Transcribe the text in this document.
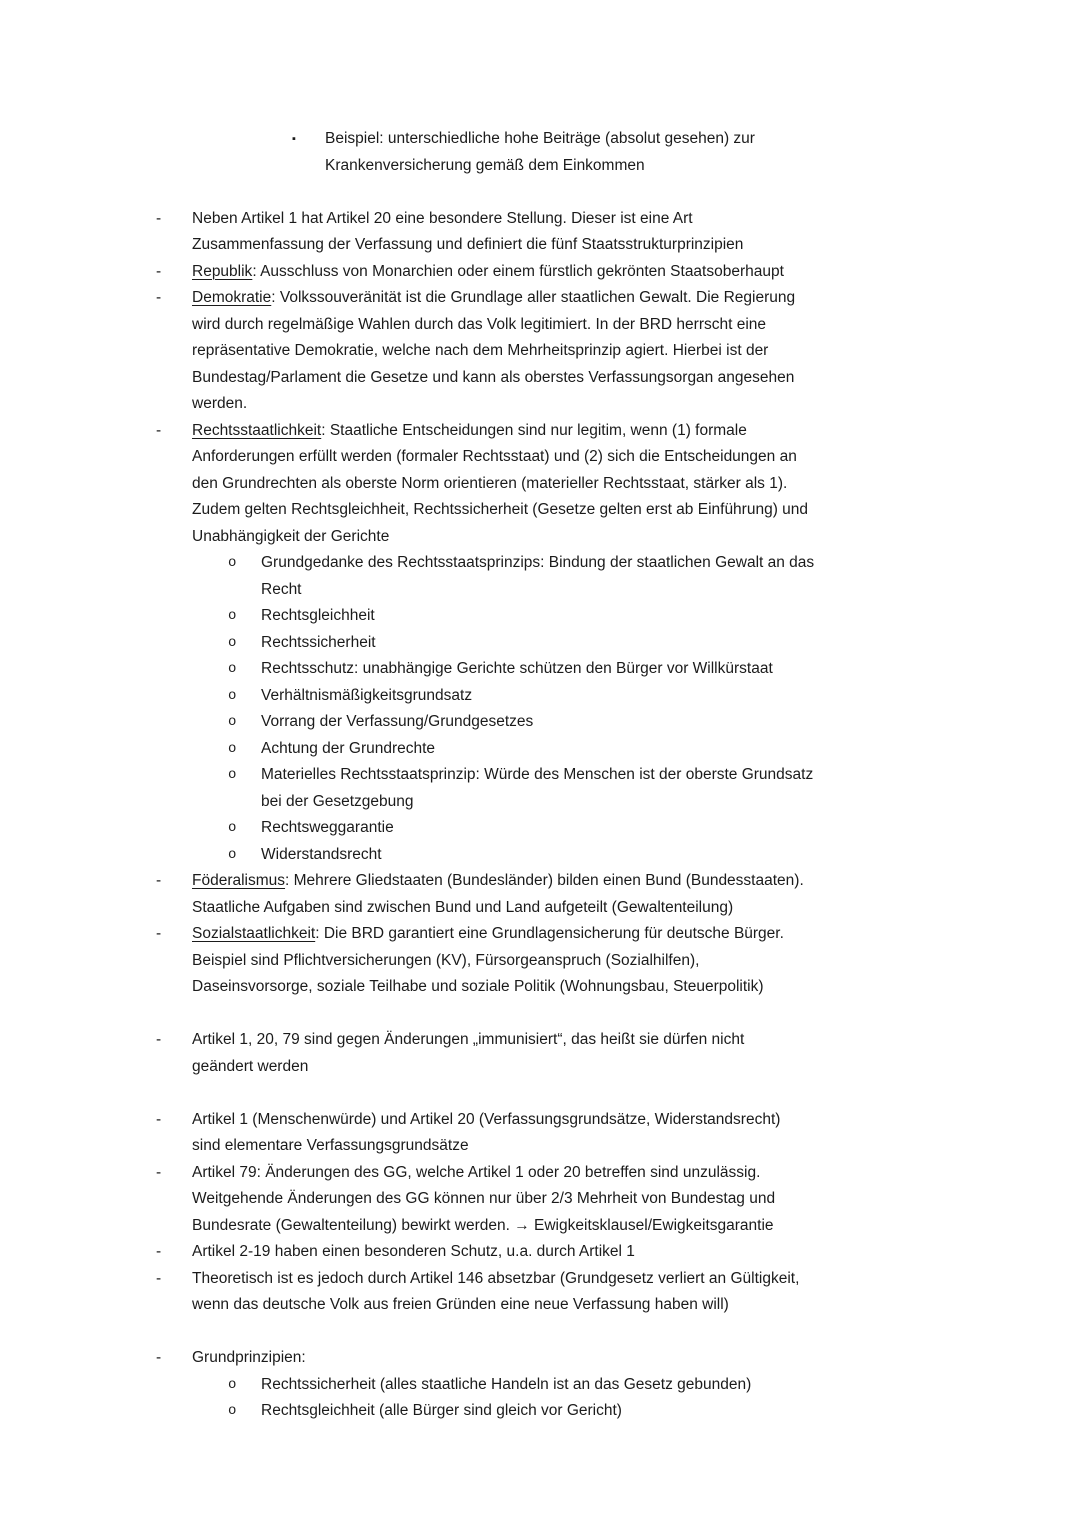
▪ Beispiel: unterschiedliche hohe Beiträge (absolut gesehen) zur
Krankenversicherung gemäß dem Einkommen
- Neben Artikel 1 hat Artikel 20 eine besondere Stellung. Dieser ist eine Art
Zusammenfassung der Verfassung und definiert die fünf Staatsstrukturprinzipien
- Republik: Ausschluss von Monarchien oder einem fürstlich gekrönten Staatsoberhaupt
- Demokratie: Volkssouveränität ist die Grundlage aller staatlichen Gewalt. Die Regierung
wird durch regelmäßige Wahlen durch das Volk legitimiert. In der BRD herrscht eine
repräsentative Demokratie, welche nach dem Mehrheitsprinzip agiert. Hierbei ist der
Bundestag/Parlament die Gesetze und kann als oberstes Verfassungsorgan angesehen
werden.
- Rechtsstaatlichkeit: Staatliche Entscheidungen sind nur legitim, wenn (1) formale
Anforderungen erfüllt werden (formaler Rechtsstaat) und (2) sich die Entscheidungen an
den Grundrechten als oberste Norm orientieren (materieller Rechtsstaat, stärker als 1).
Zudem gelten Rechtsgleichheit, Rechtssicherheit (Gesetze gelten erst ab Einführung) und
Unabhängigkeit der Gerichte
o Grundgedanke des Rechtsstaatsprinzips: Bindung der staatlichen Gewalt an das
Recht
o Rechtsgleichheit
o Rechtssicherheit
o Rechtsschutz: unabhängige Gerichte schützen den Bürger vor Willkürstaat
o Verhältnismäßigkeitsgrundsatz
o Vorrang der Verfassung/Grundgesetzes
o Achtung der Grundrechte
o Materielles Rechtsstaatsprinzip: Würde des Menschen ist der oberste Grundsatz
bei der Gesetzgebung
o Rechtsweggarantie
o Widerstandsrecht
- Föderalismus: Mehrere Gliedstaaten (Bundesländer) bilden einen Bund (Bundesstaaten).
Staatliche Aufgaben sind zwischen Bund und Land aufgeteilt (Gewaltenteilung)
- Sozialstaatlichkeit: Die BRD garantiert eine Grundlagensicherung für deutsche Bürger.
Beispiel sind Pflichtversicherungen (KV), Fürsorgeanspruch (Sozialhilfen),
Daseinsvorsorge, soziale Teilhabe und soziale Politik (Wohnungsbau, Steuerpolitik)
- Artikel 1, 20, 79 sind gegen Änderungen „immunisiert“, das heißt sie dürfen nicht
geändert werden
- Artikel 1 (Menschenwürde) und Artikel 20 (Verfassungsgrundsätze, Widerstandsrecht)
sind elementare Verfassungsgrundsätze
- Artikel 79: Änderungen des GG, welche Artikel 1 oder 20 betreffen sind unzulässig.
Weitgehende Änderungen des GG können nur über 2/3 Mehrheit von Bundestag und
Bundesrate (Gewaltenteilung) bewirkt werden. → Ewigkeitsklausel/Ewigkeitsgarantie
- Artikel 2-19 haben einen besonderen Schutz, u.a. durch Artikel 1
- Theoretisch ist es jedoch durch Artikel 146 absetzbar (Grundgesetz verliert an Gültigkeit,
wenn das deutsche Volk aus freien Gründen eine neue Verfassung haben will)
- Grundprinzipien:
o Rechtssicherheit (alles staatliche Handeln ist an das Gesetz gebunden)
o Rechtsgleichheit (alle Bürger sind gleich vor Gericht)
